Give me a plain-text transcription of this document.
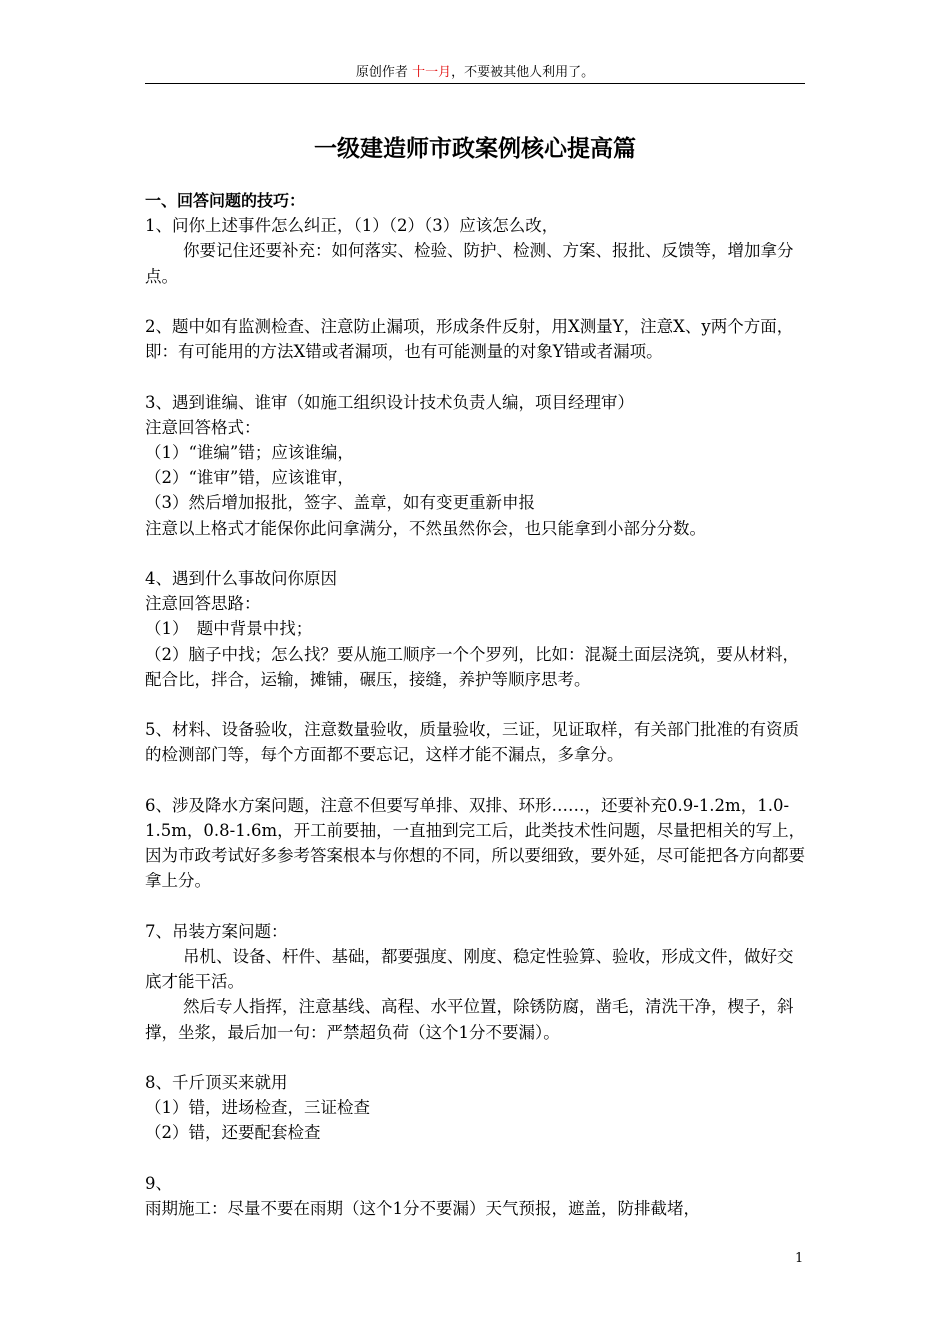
原创作者 十一月，不要被其他人利用了。
一级建造师市政案例核心提高篇

一、回答问题的技巧：

1、问你上述事件怎么纠正，（1）（2）（3）应该怎么改，

你要记住还要补充：如何落实、检验、防护、检测、方案、报批、反馈等，增加拿分点。

2、题中如有监测检查、注意防止漏项，形成条件反射，用X测量Y，注意X、y两个方面，即：有可能用的方法X错或者漏项，也有可能测量的对象Y错或者漏项。

3、遇到谁编、谁审（如施工组织设计技术负责人编，项目经理审）

注意回答格式：

（1）“谁编”错；应该谁编，

（2）“谁审”错，应该谁审，

（3）然后增加报批，签字、盖章，如有变更重新申报

注意以上格式才能保你此问拿满分，不然虽然你会，也只能拿到小部分分数。

4、遇到什么事故问你原因

注意回答思路：

（1）　题中背景中找；

（2）脑子中找；怎么找？要从施工顺序一个个罗列，比如：混凝土面层浇筑，要从材料，配合比，拌合，运输，摊铺，碾压，接缝，养护等顺序思考。

5、材料、设备验收，注意数量验收，质量验收，三证，见证取样，有关部门批准的有资质的检测部门等，每个方面都不要忘记，这样才能不漏点，多拿分。

6、涉及降水方案问题，注意不但要写单排、双排、环形……，还要补充0.9-1.2m，1.0-1.5m，0.8-1.6m，开工前要抽，一直抽到完工后，此类技术性问题，尽量把相关的写上，因为市政考试好多参考答案根本与你想的不同，所以要细致，要外延，尽可能把各方向都要拿上分。

7、吊装方案问题：

吊机、设备、杆件、基础，都要强度、刚度、稳定性验算、验收，形成文件，做好交底才能干活。

然后专人指挥，注意基线、高程、水平位置，除锈防腐，凿毛，清洗干净，楔子，斜撑，坐浆，最后加一句：严禁超负荷（这个1分不要漏）。

8、千斤顶买来就用

（1）错，进场检查，三证检查

（2）错，还要配套检查

9、

雨期施工：尽量不要在雨期（这个1分不要漏）天气预报，遮盖，防排截堵，

1
